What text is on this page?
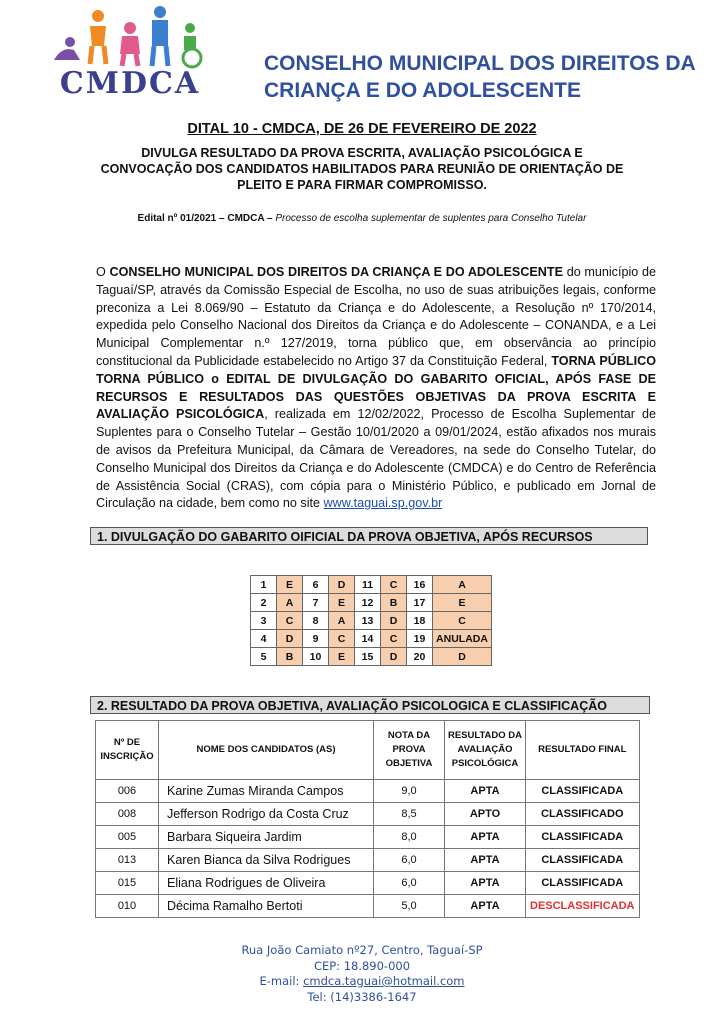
CMDCA
CONSELHO MUNICIPAL DOS DIREITOS DA CRIANÇA E DO ADOLESCENTE
DITAL 10 - CMDCA, DE 26 DE FEVEREIRO DE 2022
DIVULGA RESULTADO DA PROVA ESCRITA, AVALIAÇÃO PSICOLÓGICA E CONVOCAÇÃO DOS CANDIDATOS HABILITADOS PARA REUNIÃO DE ORIENTAÇÃO DE PLEITO E PARA FIRMAR COMPROMISSO.
Edital nº 01/2021 – CMDCA – Processo de escolha suplementar de suplentes para Conselho Tutelar
O CONSELHO MUNICIPAL DOS DIREITOS DA CRIANÇA E DO ADOLESCENTE do município de Taguaí/SP, através da Comissão Especial de Escolha, no uso de suas atribuições legais, conforme preconiza a Lei 8.069/90 – Estatuto da Criança e do Adolescente, a Resolução nº 170/2014, expedida pelo Conselho Nacional dos Direitos da Criança e do Adolescente – CONANDA, e a Lei Municipal Complementar n.º 127/2019, torna público que, em observância ao princípio constitucional da Publicidade estabelecido no Artigo 37 da Constituição Federal, TORNA PÚBLICO TORNA PÚBLICO o EDITAL DE DIVULGAÇÃO DO GABARITO OFICIAL, APÓS FASE DE RECURSOS E RESULTADOS DAS QUESTÕES OBJETIVAS DA PROVA ESCRITA E AVALIAÇÃO PSICOLÓGICA, realizada em 12/02/2022, Processo de Escolha Suplementar de Suplentes para o Conselho Tutelar – Gestão 10/01/2020 a 09/01/2024, estão afixados nos murais de avisos da Prefeitura Municipal, da Câmara de Vereadores, na sede do Conselho Tutelar, do Conselho Municipal dos Direitos da Criança e do Adolescente (CMDCA) e do Centro de Referência de Assistência Social (CRAS), com cópia para o Ministério Público, e publicado em Jornal de Circulação na cidade, bem como no site www.taguai.sp.gov.br
1. DIVULGAÇÃO DO GABARITO OIFICIAL DA PROVA OBJETIVA, APÓS RECURSOS
1	E	6	D	11	C	16	A
2	A	7	E	12	B	17	E
3	C	8	A	13	D	18	C
4	D	9	C	14	C	19	ANULADA
5	B	10	E	15	D	20	D
2. RESULTADO DA PROVA OBJETIVA, AVALIAÇÃO PSICOLOGICA E CLASSIFICAÇÃO
Nº DE INSCRIÇÃO	NOME DOS CANDIDATOS (AS)	NOTA DA PROVA OBJETIVA	RESULTADO DA AVALIAÇÃO PSICOLÓGICA	RESULTADO FINAL
006	Karine Zumas Miranda Campos	9,0	APTA	CLASSIFICADA
008	Jefferson Rodrigo da Costa Cruz	8,5	APTO	CLASSIFICADO
005	Barbara Siqueira Jardim	8,0	APTA	CLASSIFICADA
013	Karen Bianca da Silva Rodrigues	6,0	APTA	CLASSIFICADA
015	Eliana Rodrigues de Oliveira	6,0	APTA	CLASSIFICADA
010	Décima Ramalho Bertoti	5,0	APTA	DESCLASSIFICADA
Rua João Camiato nº27, Centro, Taguaí-SP
CEP: 18.890-000
E-mail: cmdca.taguai@hotmail.com
Tel: (14)3386-1647
